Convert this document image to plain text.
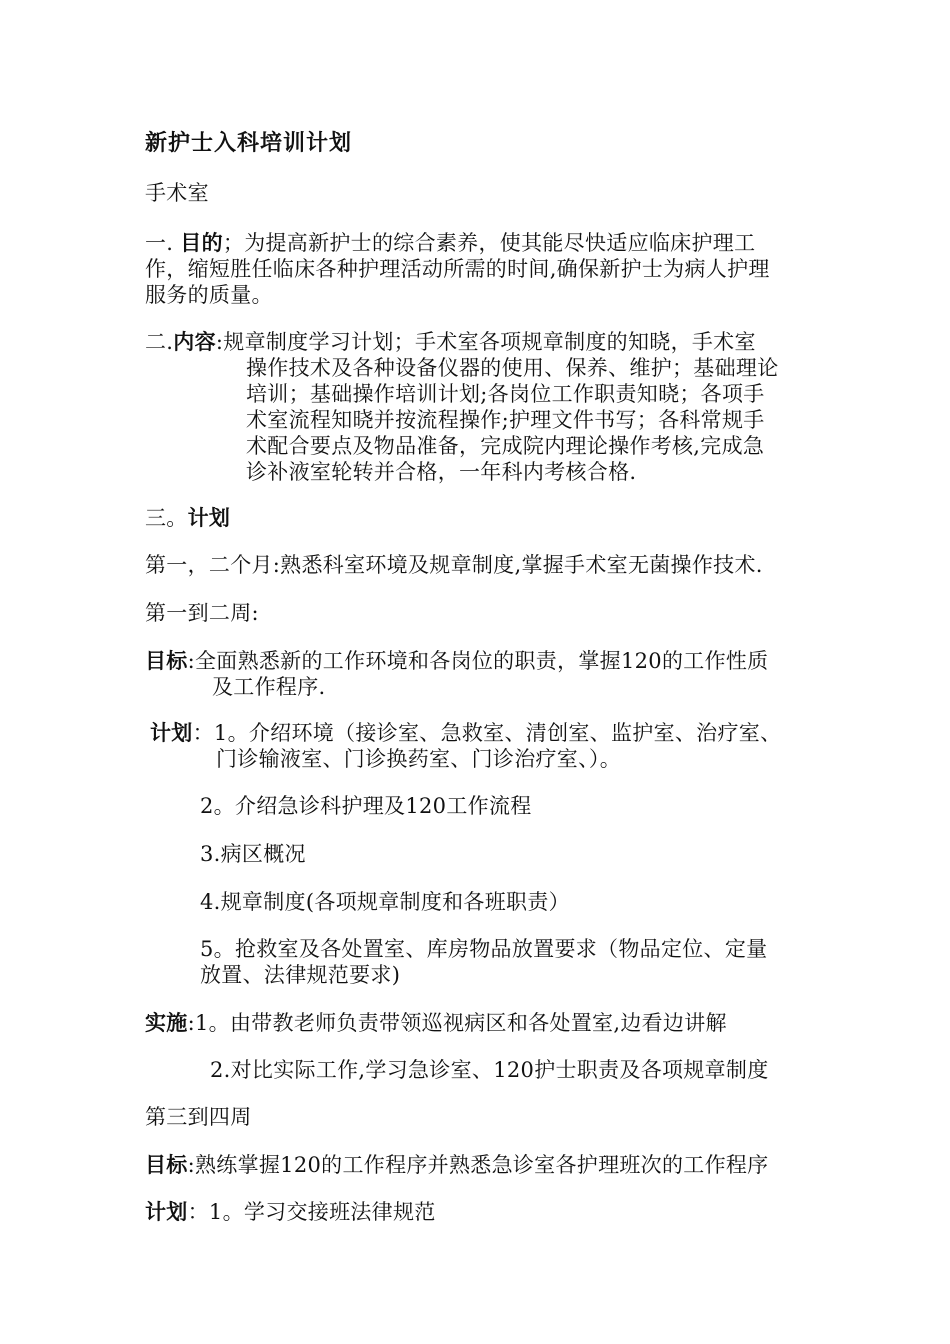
新护士入科培训计划
手术室
一. 目的；为提高新护士的综合素养，使其能尽快适应临床护理工
作，缩短胜任临床各种护理活动所需的时间,确保新护士为病人护理
服务的质量。
二.内容:规章制度学习计划；手术室各项规章制度的知晓，手术室
操作技术及各种设备仪器的使用、保养、维护；基础理论
培训；基础操作培训计划;各岗位工作职责知晓；各项手
术室流程知晓并按流程操作;护理文件书写；各科常规手
术配合要点及物品准备，完成院内理论操作考核,完成急
诊补液室轮转并合格，一年科内考核合格.
三。计划
第一，二个月:熟悉科室环境及规章制度,掌握手术室无菌操作技术.
第一到二周:
目标:全面熟悉新的工作环境和各岗位的职责，掌握120的工作性质
及工作程序.
计划：1。介绍环境（接诊室、急救室、清创室、监护室、治疗室、
门诊输液室、门诊换药室、门诊治疗室、）。
2。介绍急诊科护理及120工作流程
3.病区概况
4.规章制度(各项规章制度和各班职责）
5。抢救室及各处置室、库房物品放置要求（物品定位、定量
放置、法律规范要求)
实施:1。由带教老师负责带领巡视病区和各处置室,边看边讲解
2.对比实际工作,学习急诊室、120护士职责及各项规章制度
第三到四周
目标:熟练掌握120的工作程序并熟悉急诊室各护理班次的工作程序
计划：1。学习交接班法律规范
